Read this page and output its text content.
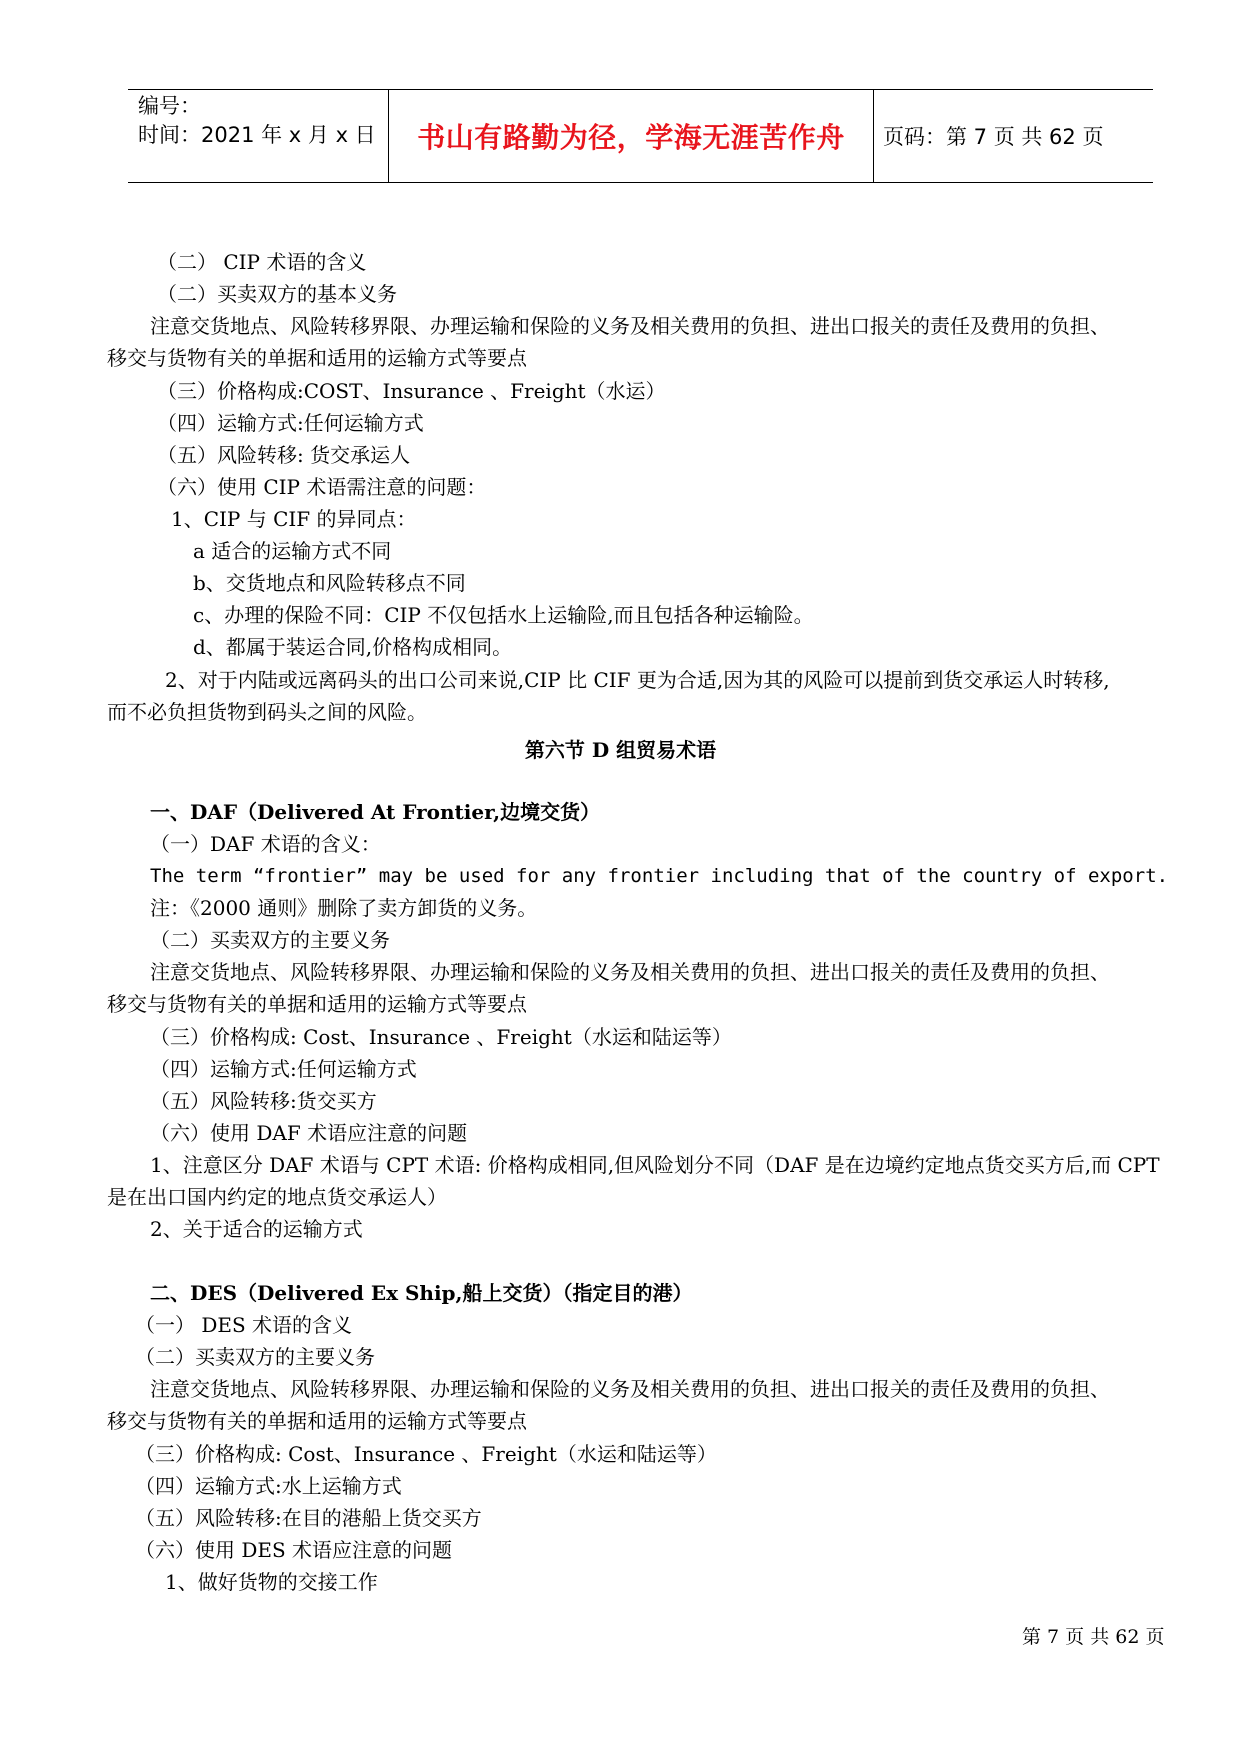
编号：
时间：2021 年 x 月 x 日	书山有路勤为径，学海无涯苦作舟	页码：第 7 页 共 62 页
（二） CIP 术语的含义
（二）买卖双方的基本义务
注意交货地点、风险转移界限、办理运输和保险的义务及相关费用的负担、进出口报关的责任及费用的负担、
移交与货物有关的单据和适用的运输方式等要点
（三）价格构成:COST、Insurance 、Freight（水运）
（四）运输方式:任何运输方式
（五）风险转移: 货交承运人
（六）使用 CIP 术语需注意的问题：
1、CIP 与 CIF 的异同点：
a 适合的运输方式不同
b、交货地点和风险转移点不同
c、办理的保险不同：CIP 不仅包括水上运输险,而且包括各种运输险。
d、都属于装运合同,价格构成相同。
2、对于内陆或远离码头的出口公司来说,CIP 比 CIF 更为合适,因为其的风险可以提前到货交承运人时转移,
而不必负担货物到码头之间的风险。
第六节 D 组贸易术语
一、DAF（Delivered At Frontier,边境交货）
（一）DAF 术语的含义：
The term “frontier” may be used for any frontier including that of the country of export.
注：《2000 通则》删除了卖方卸货的义务。
（二）买卖双方的主要义务
注意交货地点、风险转移界限、办理运输和保险的义务及相关费用的负担、进出口报关的责任及费用的负担、
移交与货物有关的单据和适用的运输方式等要点
（三）价格构成: Cost、Insurance 、Freight（水运和陆运等）
（四）运输方式:任何运输方式
（五）风险转移:货交买方
（六）使用 DAF 术语应注意的问题
1、注意区分 DAF 术语与 CPT 术语: 价格构成相同,但风险划分不同（DAF 是在边境约定地点货交买方后,而 CPT
是在出口国内约定的地点货交承运人）
2、关于适合的运输方式
二、DES（Delivered Ex Ship,船上交货）（指定目的港）
（一） DES 术语的含义
（二）买卖双方的主要义务
注意交货地点、风险转移界限、办理运输和保险的义务及相关费用的负担、进出口报关的责任及费用的负担、
移交与货物有关的单据和适用的运输方式等要点
（三）价格构成: Cost、Insurance 、Freight（水运和陆运等）
（四）运输方式:水上运输方式
（五）风险转移:在目的港船上货交买方
（六）使用 DES 术语应注意的问题
1、做好货物的交接工作
第 7 页 共 62 页
